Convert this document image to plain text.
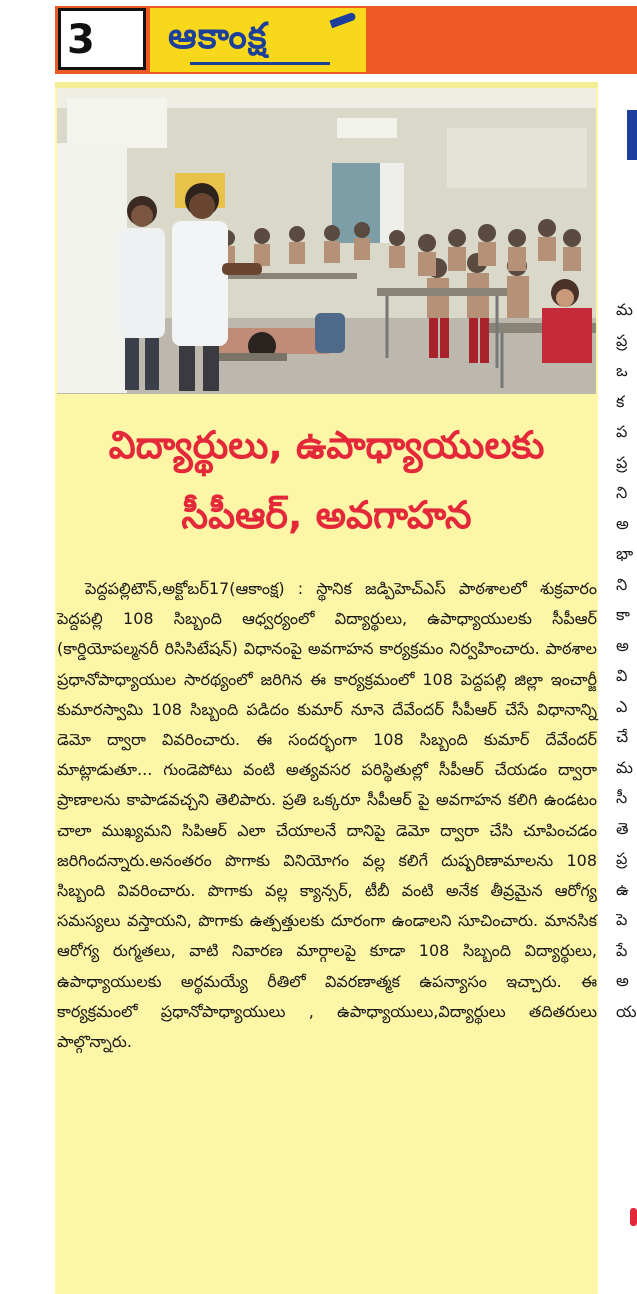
3 ఆకాంక్ష
విద్యార్థులు, ఉపాధ్యాయులకు
సీపీఆర్, అవగాహన
పెద్దపల్లిటౌన్,అక్టోబర్17(ఆకాంక్ష) : స్థానిక జడ్పిహెచ్ఎస్ పాఠశాలలో శుక్రవారం పెద్దపల్లి 108 సిబ్బంది ఆధ్వర్యంలో విద్యార్థులు, ఉపాధ్యాయులకు సీపీఆర్ (కార్డియోపల్మనరీ రిసిసిటేషన్) విధానంపై అవగాహన కార్యక్రమం నిర్వహించారు. పాఠశాల ప్రధానోపాధ్యాయుల సారథ్యంలో జరిగిన ఈ కార్యక్రమంలో 108 పెద్దపల్లి జిల్లా ఇంచార్జీ కుమారస్వామి 108 సిబ్బంది పడిదం కుమార్ నూనె దేవేందర్ సీపీఆర్ చేసే విధానాన్ని డెమో ద్వారా వివరించారు. ఈ సందర్భంగా 108 సిబ్బంది కుమార్ దేవేందర్ మాట్లాడుతూ... గుండెపోటు వంటి అత్యవసర పరిస్థితుల్లో సీపీఆర్ చేయడం ద్వారా ప్రాణాలను కాపాడవచ్చని తెలిపారు. ప్రతి ఒక్కరూ సీపీఆర్ పై అవగాహన కలిగి ఉండటం చాలా ముఖ్యమని సిపిఆర్ ఎలా చేయాలనే దానిపై డెమో ద్వారా చేసి చూపించడం జరిగిందన్నారు.అనంతరం పొగాకు వినియోగం వల్ల కలిగే దుష్పరిణామాలను 108 సిబ్బంది వివరించారు. పొగాకు వల్ల క్యాన్సర్, టీబీ వంటి అనేక తీవ్రమైన ఆరోగ్య సమస్యలు వస్తాయని, పొగాకు ఉత్పత్తులకు దూరంగా ఉండాలని సూచించారు. మానసిక ఆరోగ్య రుగ్మతలు, వాటి నివారణ మార్గాలపై కూడా 108 సిబ్బంది విద్యార్థులు, ఉపాధ్యాయులకు అర్థమయ్యే రీతిలో వివరణాత్మక ఉపన్యాసం ఇచ్చారు. ఈ కార్యక్రమంలో ప్రధానోపాధ్యాయులు , ఉపాధ్యాయులు,విద్యార్థులు తదితరులు పాల్గొన్నారు.
మ
ప్ర
ఒ
క
ప
ప్ర
ని
అ
భా
ని
కా
అ
వి
ఎ
చే
మ
సీ
తె
ప్ర
ఉ
పె
పే
అ
య
